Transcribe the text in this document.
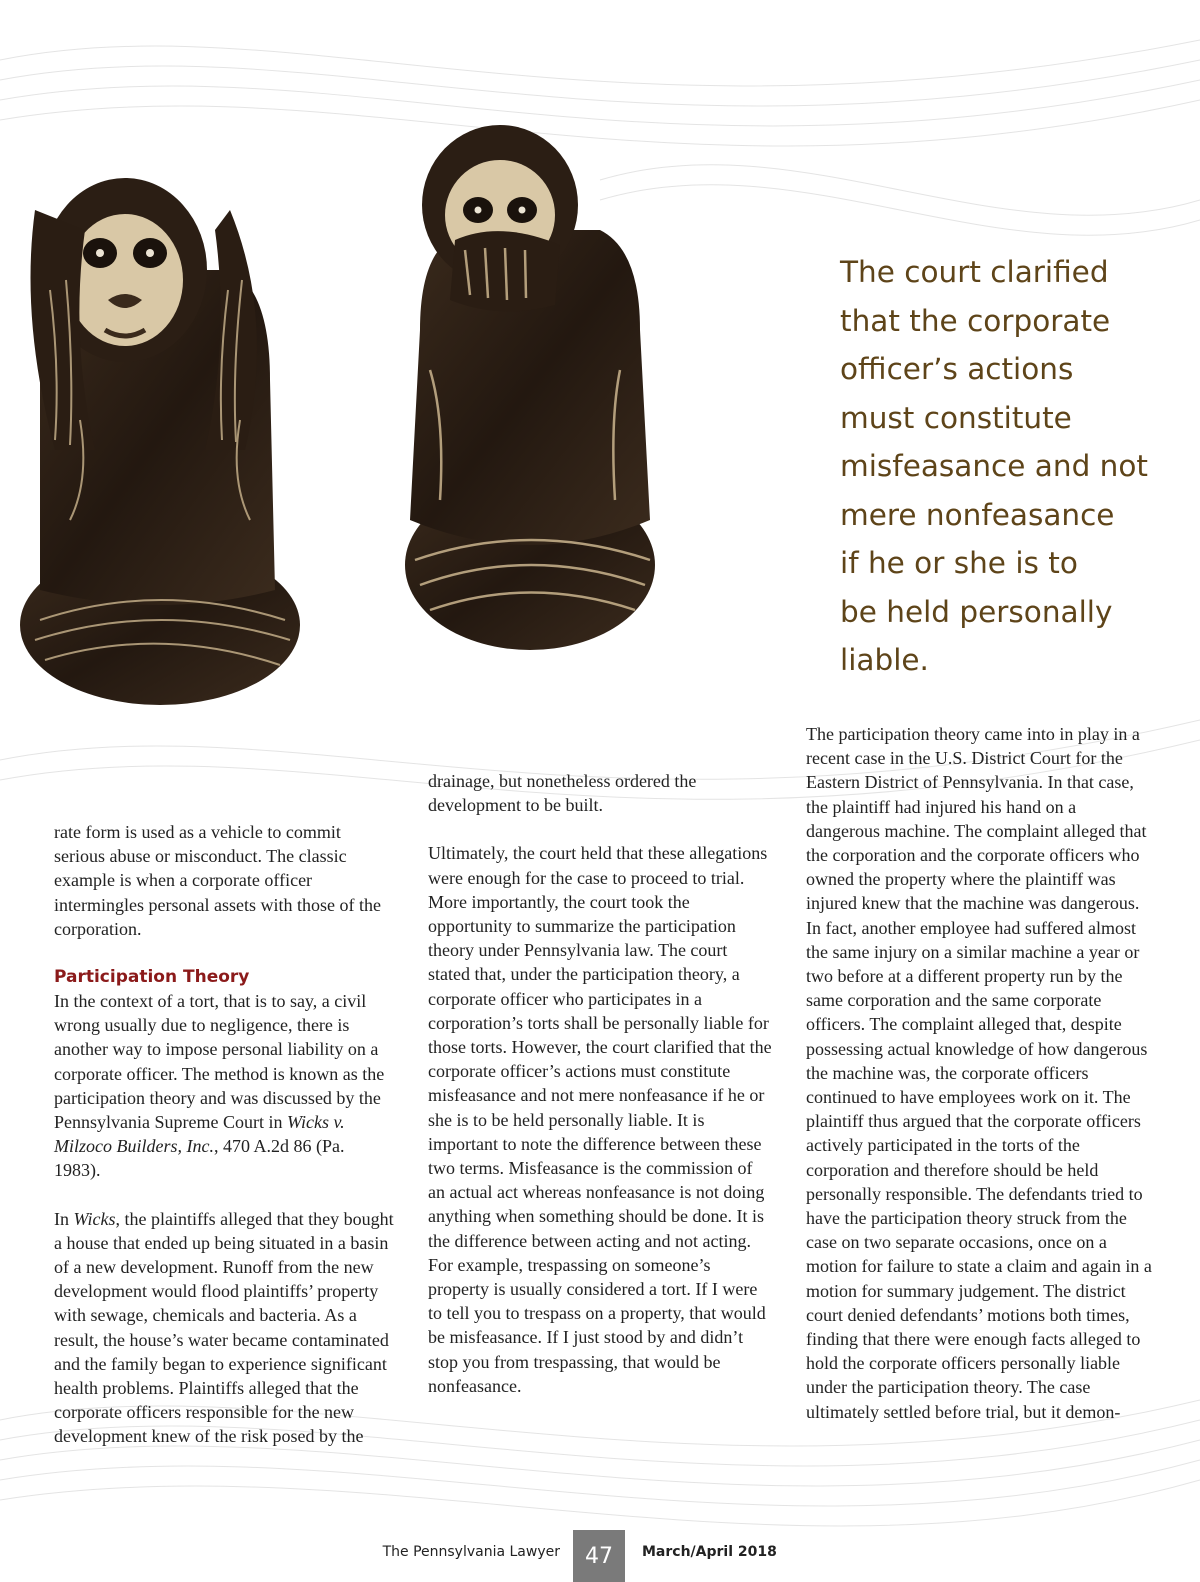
The court clarified
that the corporate
officer’s actions
must constitute
misfeasance and not
mere nonfeasance
if he or she is to
be held personally
liable.

rate form is used as a vehicle to commit serious abuse or misconduct. The classic example is when a corporate officer intermingles personal assets with those of the corporation.

Participation Theory

In the context of a tort, that is to say, a civil wrong usually due to negligence, there is another way to impose personal liability on a corporate officer. The method is known as the participation theory and was discussed by the Pennsylvania Supreme Court in Wicks v. Milzoco Builders, Inc., 470 A.2d 86 (Pa. 1983).

In Wicks, the plaintiffs alleged that they bought a house that ended up being situated in a basin of a new development. Runoff from the new development would flood plaintiffs’ property with sewage, chemicals and bacteria. As a result, the house’s water became contaminated and the family began to experience significant health problems. Plaintiffs alleged that the corporate officers responsible for the new development knew of the risk posed by the

drainage, but nonetheless ordered the development to be built.

Ultimately, the court held that these allegations were enough for the case to proceed to trial. More importantly, the court took the opportunity to summarize the participation theory under Pennsylvania law. The court stated that, under the participation theory, a corporate officer who participates in a corporation’s torts shall be personally liable for those torts. However, the court clarified that the corporate officer’s actions must constitute misfeasance and not mere nonfeasance if he or she is to be held personally liable. It is important to note the difference between these two terms. Misfeasance is the commission of an actual act whereas nonfeasance is not doing anything when something should be done. It is the difference between acting and not acting. For example, trespassing on someone’s property is usually considered a tort. If I were to tell you to trespass on a property, that would be misfeasance. If I just stood by and didn’t stop you from trespassing, that would be nonfeasance.

The participation theory came into in play in a recent case in the U.S. District Court for the Eastern District of Pennsylvania. In that case, the plaintiff had injured his hand on a dangerous machine. The complaint alleged that the corporation and the corporate officers who owned the property where the plaintiff was injured knew that the machine was dangerous. In fact, another employee had suffered almost the same injury on a similar machine a year or two before at a different property run by the same corporation and the same corporate officers. The complaint alleged that, despite possessing actual knowledge of how dangerous the machine was, the corporate officers continued to have employees work on it. The plaintiff thus argued that the corporate officers actively participated in the torts of the corporation and therefore should be held personally responsible. The defendants tried to have the participation theory struck from the case on two separate occasions, once on a motion for failure to state a claim and again in a motion for summary judgement. The district court denied defendants’ motions both times, finding that there were enough facts alleged to hold the corporate officers personally liable under the participation theory. The case ultimately settled before trial, but it demon-

The Pennsylvania Lawyer	47	March/April 2018
